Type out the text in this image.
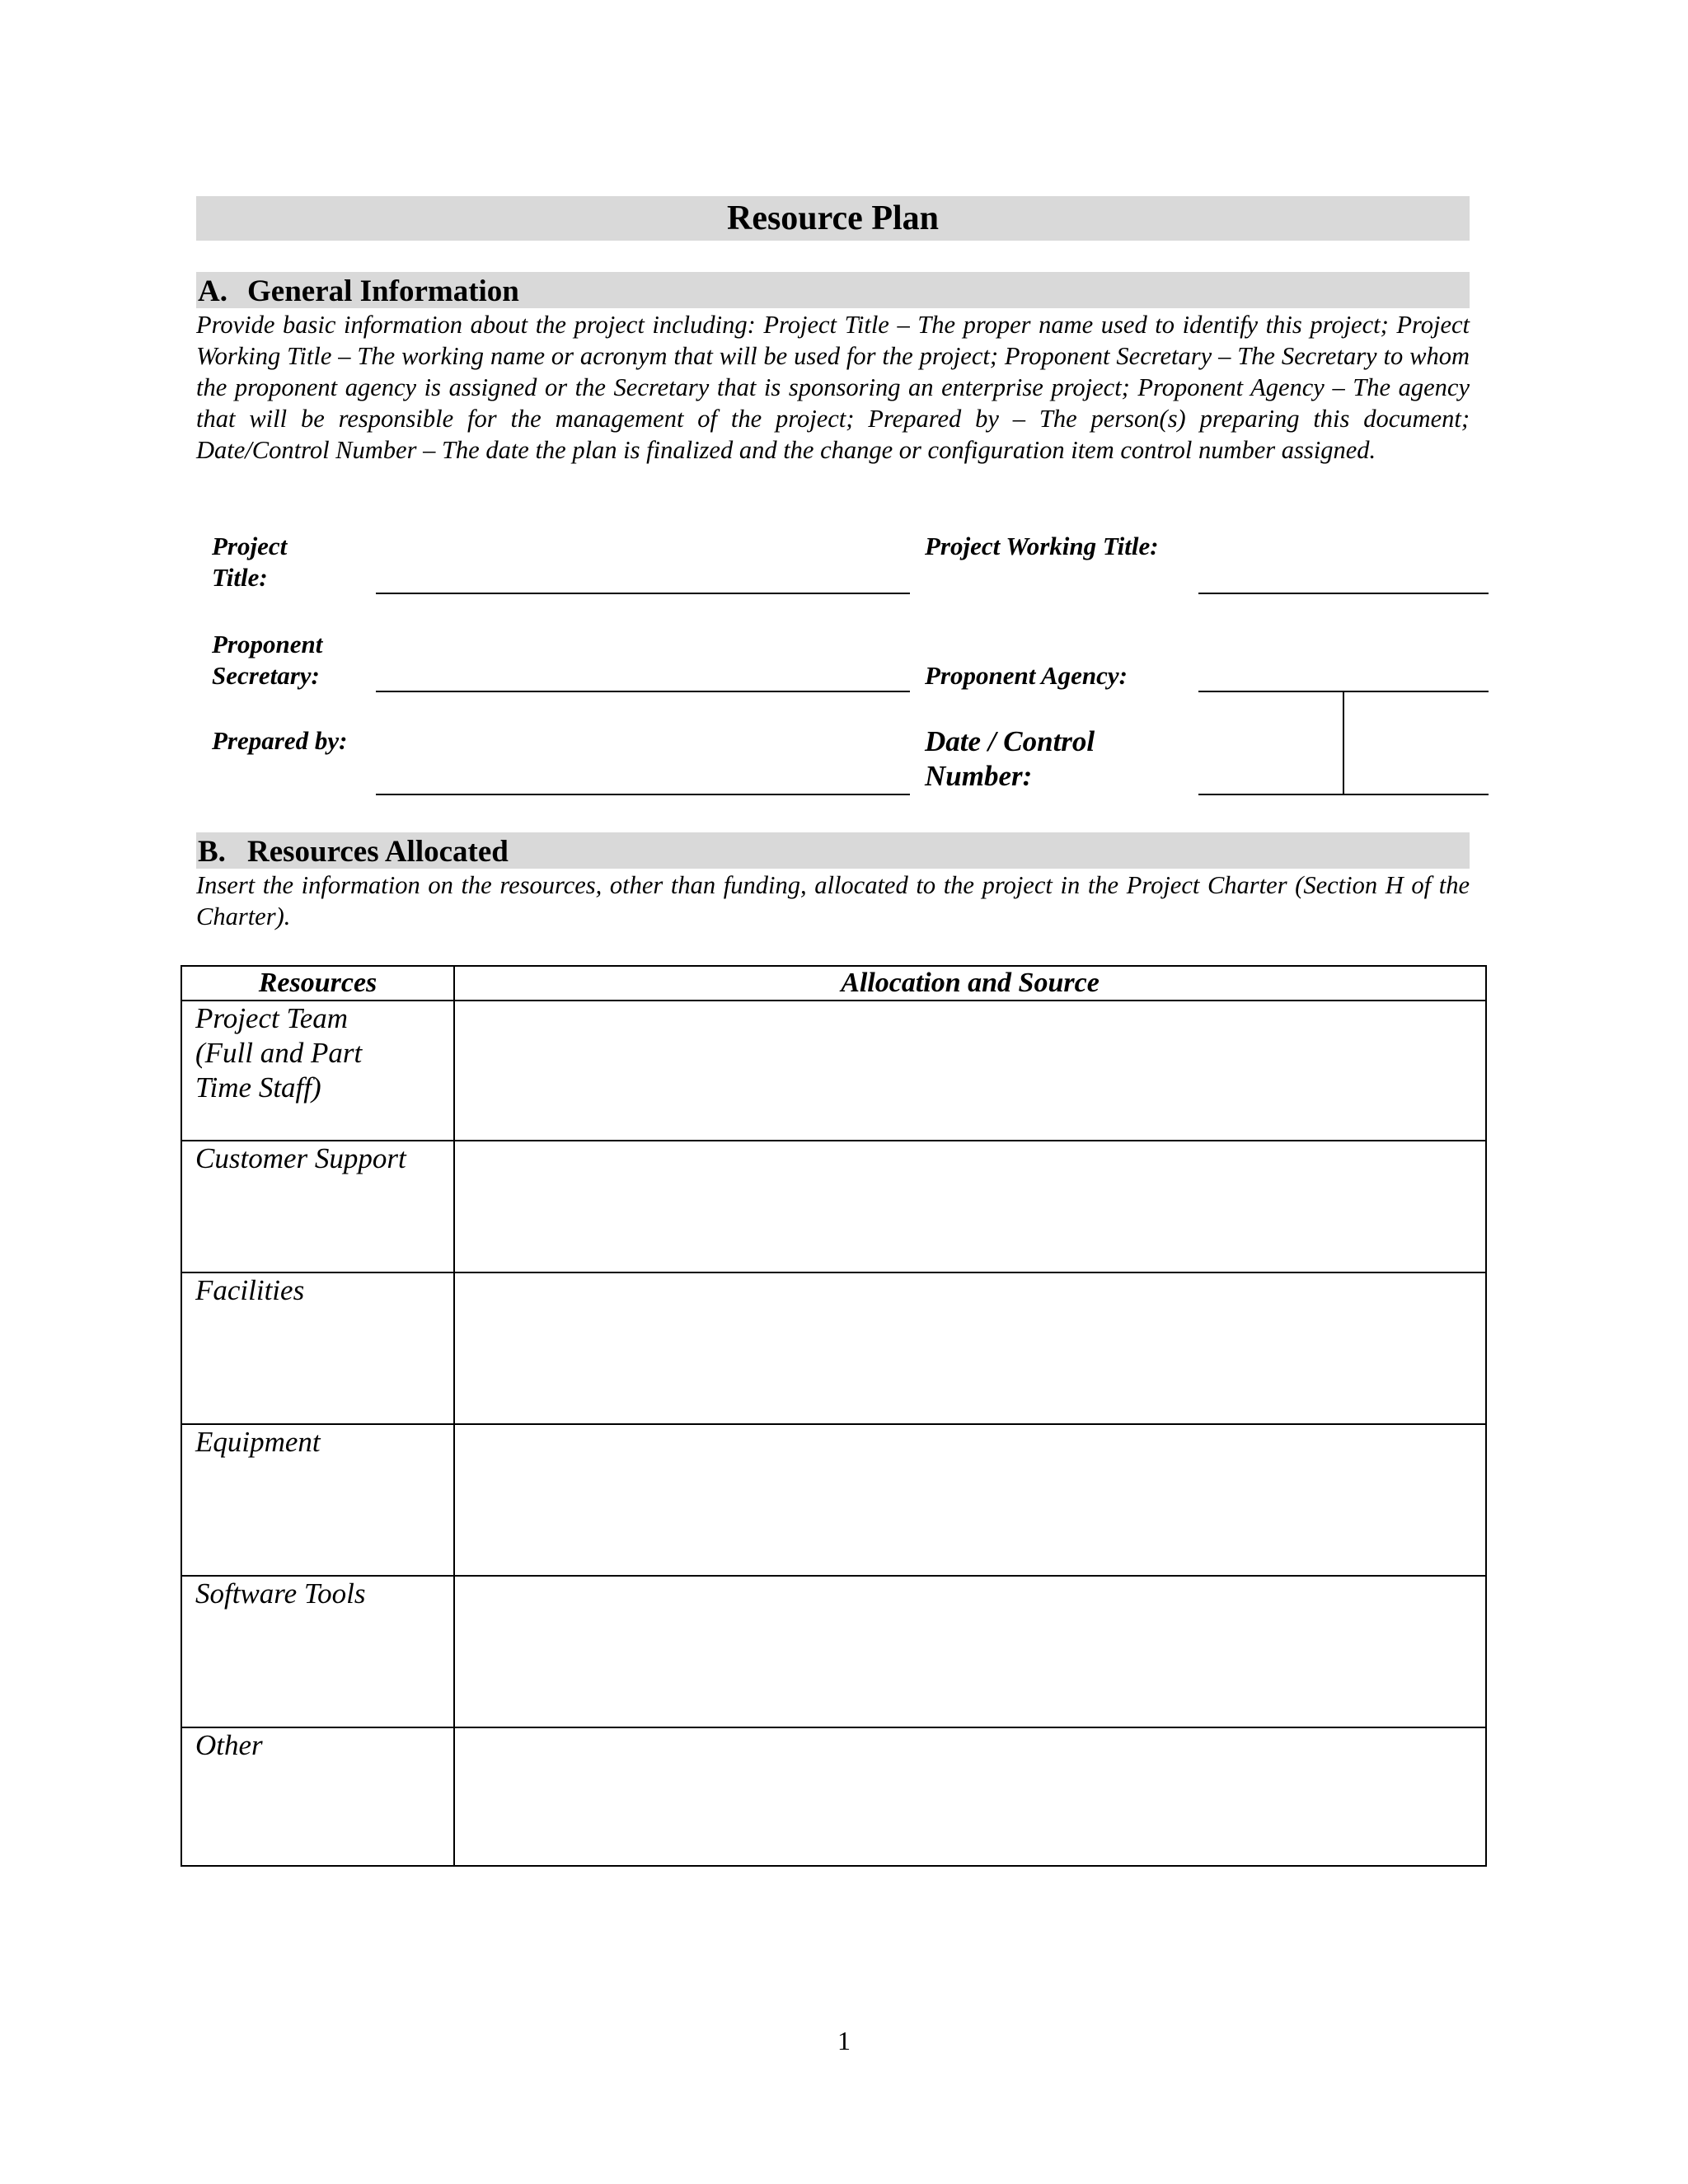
Resource Plan
A. General Information
Provide basic information about the project including: Project Title – The proper name used to identify this project; Project Working Title – The working name or acronym that will be used for the project; Proponent Secretary – The Secretary to whom the proponent agency is assigned or the Secretary that is sponsoring an enterprise project; Proponent Agency – The agency that will be responsible for the management of the project; Prepared by – The person(s) preparing this document; Date/Control Number – The date the plan is finalized and the change or configuration item control number assigned.
Project
Title:
Project Working Title:
Proponent
Secretary:	Proponent Agency:
Prepared by:	Date / Control
Number:
B. Resources Allocated
Insert the information on the resources, other than funding, allocated to the project in the Project Charter (Section H of the Charter).
Resources	Allocation and Source

Project Team
(Full and Part
Time Staff)	

Customer Support	

Facilities	

Equipment	

Software Tools	

Other	

1
